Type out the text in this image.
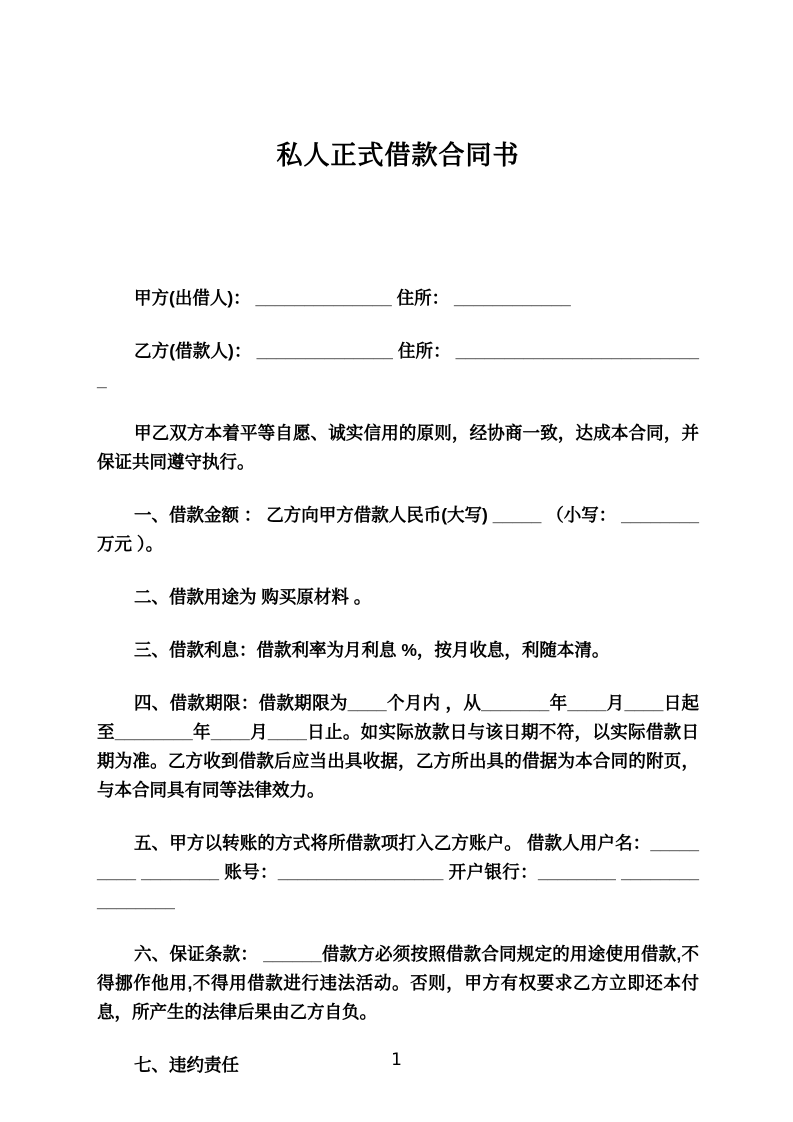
私人正式借款合同书

甲方(出借人)： ______________ 住所： ____________

乙方(借款人)： ______________ 住所： __________________________

甲乙双方本着平等自愿、诚实信用的原则，经协商一致，达成本合同，并保证共同遵守执行。

一、借款金额 ： 乙方向甲方借款人民币(大写) _____ （小写： ________万元 ）。

二、借款用途为 购买原材料 。

三、借款利息：借款利率为月利息 %，按月收息，利随本清。

四、借款期限：借款期限为____个月内 ，从_______年____月____日起至________年____月____日止。如实际放款日与该日期不符，以实际借款日期为准。乙方收到借款后应当出具收据，乙方所出具的借据为本合同的附页，与本合同具有同等法律效力。

五、甲方以转账的方式将所借款项打入乙方账户。 借款人用户名：_________ ________ 账号：_________________ 开户银行：________ ________________

六、保证条款： ______借款方必须按照借款合同规定的用途使用借款,不得挪作他用,不得用借款进行违法活动。否则，甲方有权要求乙方立即还本付息，所产生的法律后果由乙方自负。

七、违约责任	1
